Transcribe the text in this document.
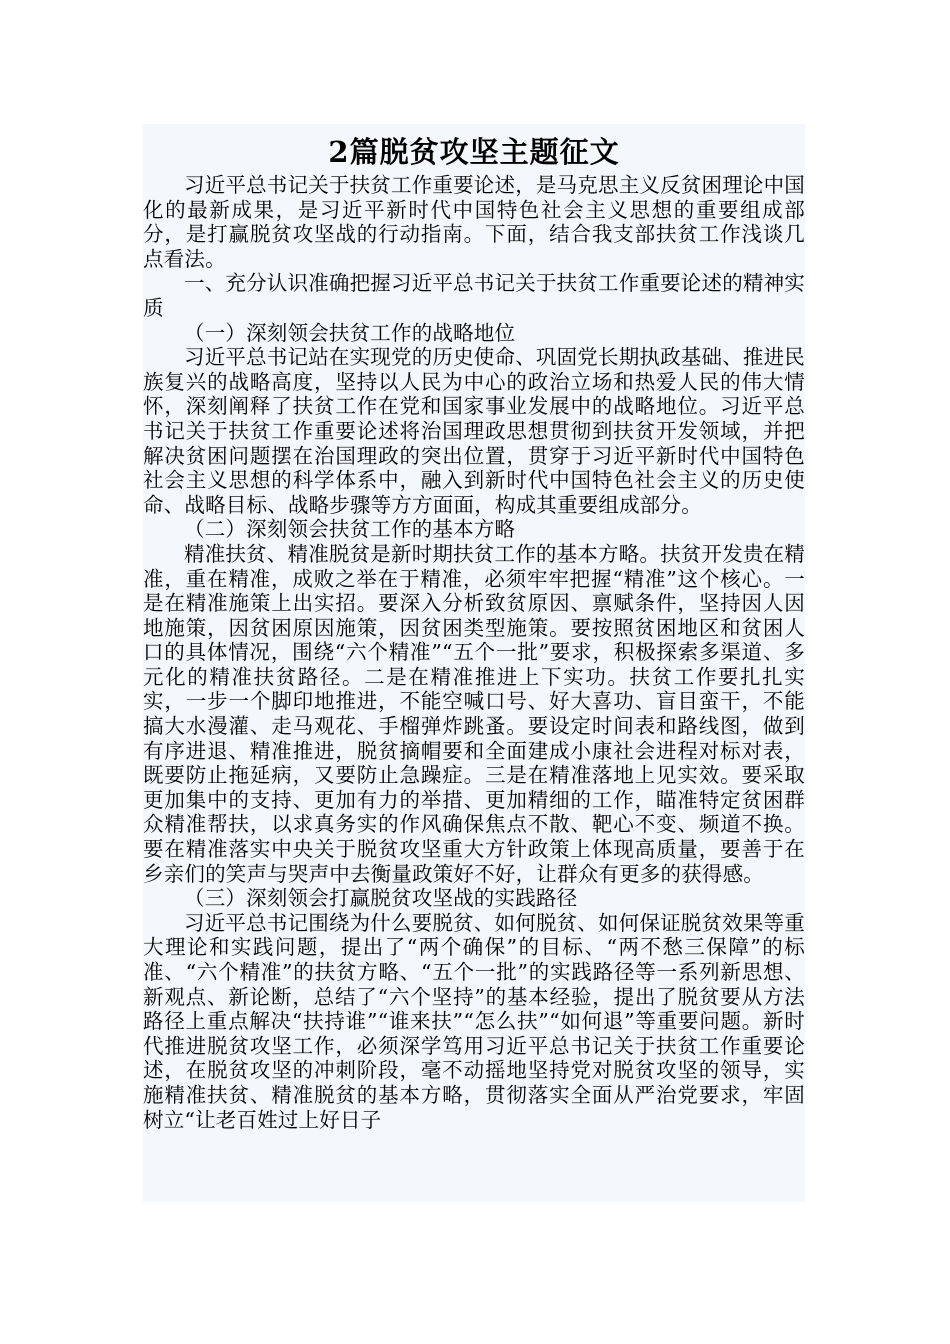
2篇脱贫攻坚主题征文

习近平总书记关于扶贫工作重要论述，是马克思主义反贫困理论中国化的最新成果，是习近平新时代中国特色社会主义思想的重要组成部分，是打赢脱贫攻坚战的行动指南。下面，结合我支部扶贫工作浅谈几点看法。

一、充分认识准确把握习近平总书记关于扶贫工作重要论述的精神实质

（一）深刻领会扶贫工作的战略地位

习近平总书记站在实现党的历史使命、巩固党长期执政基础、推进民族复兴的战略高度，坚持以人民为中心的政治立场和热爱人民的伟大情怀，深刻阐释了扶贫工作在党和国家事业发展中的战略地位。习近平总书记关于扶贫工作重要论述将治国理政思想贯彻到扶贫开发领域，并把解决贫困问题摆在治国理政的突出位置，贯穿于习近平新时代中国特色社会主义思想的科学体系中，融入到新时代中国特色社会主义的历史使命、战略目标、战略步骤等方方面面，构成其重要组成部分。

（二）深刻领会扶贫工作的基本方略

精准扶贫、精准脱贫是新时期扶贫工作的基本方略。扶贫开发贵在精准，重在精准，成败之举在于精准，必须牢牢把握“精准”这个核心。一是在精准施策上出实招。要深入分析致贫原因、禀赋条件，坚持因人因地施策，因贫困原因施策，因贫困类型施策。要按照贫困地区和贫困人口的具体情况，围绕“六个精准”“五个一批”要求，积极探索多渠道、多元化的精准扶贫路径。二是在精准推进上下实功。扶贫工作要扎扎实实，一步一个脚印地推进，不能空喊口号、好大喜功、盲目蛮干，不能搞大水漫灌、走马观花、手榴弹炸跳蚤。要设定时间表和路线图，做到有序进退、精准推进，脱贫摘帽要和全面建成小康社会进程对标对表，既要防止拖延病，又要防止急躁症。三是在精准落地上见实效。要采取更加集中的支持、更加有力的举措、更加精细的工作，瞄准特定贫困群众精准帮扶，以求真务实的作风确保焦点不散、靶心不变、频道不换。要在精准落实中央关于脱贫攻坚重大方针政策上体现高质量，要善于在乡亲们的笑声与哭声中去衡量政策好不好，让群众有更多的获得感。

（三）深刻领会打赢脱贫攻坚战的实践路径

习近平总书记围绕为什么要脱贫、如何脱贫、如何保证脱贫效果等重大理论和实践问题，提出了“两个确保”的目标、“两不愁三保障”的标准、“六个精准”的扶贫方略、“五个一批”的实践路径等一系列新思想、新观点、新论断，总结了“六个坚持”的基本经验，提出了脱贫要从方法路径上重点解决“扶持谁”“谁来扶”“怎么扶”“如何退”等重要问题。新时代推进脱贫攻坚工作，必须深学笃用习近平总书记关于扶贫工作重要论述，在脱贫攻坚的冲刺阶段，毫不动摇地坚持党对脱贫攻坚的领导，实施精准扶贫、精准脱贫的基本方略，贯彻落实全面从严治党要求，牢固树立“让老百姓过上好日子
